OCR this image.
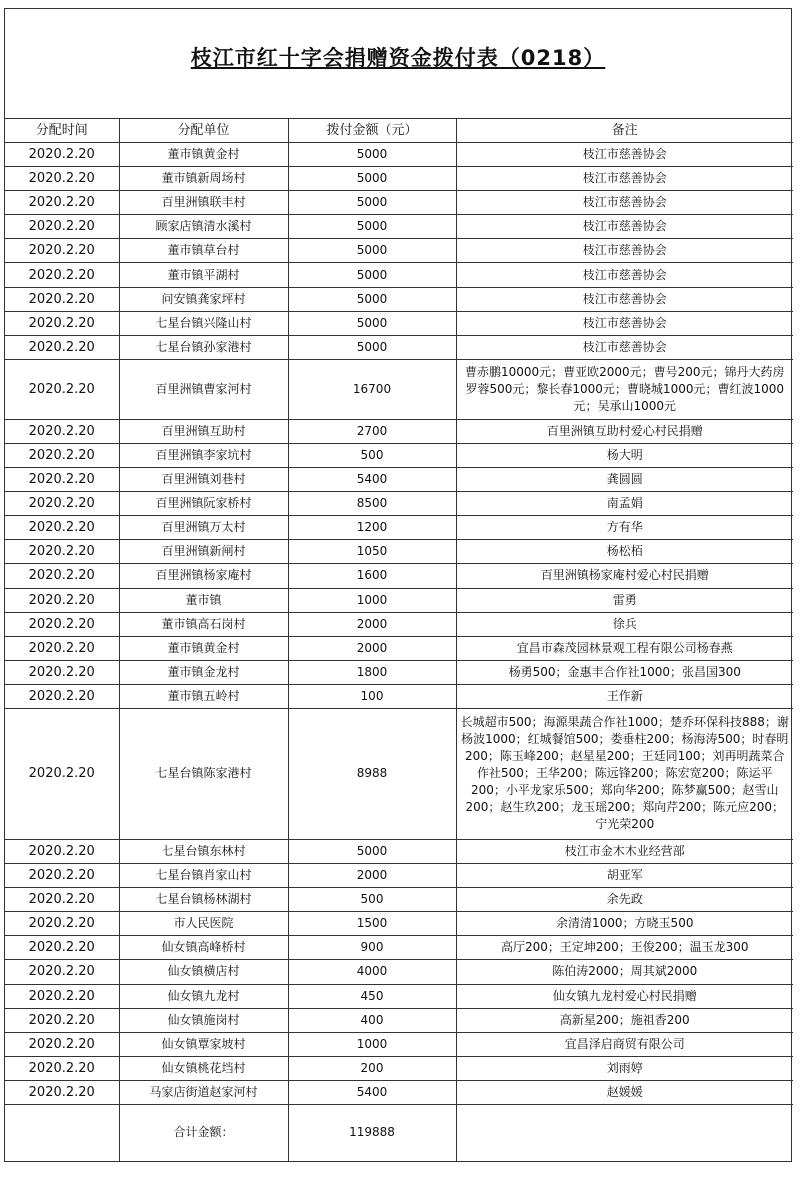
枝江市红十字会捐赠资金拨付表（0218）
分配时间	分配单位	拨付金额（元）	备注
2020.2.20	董市镇黄金村	5000	枝江市慈善协会
2020.2.20	董市镇新周场村	5000	枝江市慈善协会
2020.2.20	百里洲镇联丰村	5000	枝江市慈善协会
2020.2.20	顾家店镇清水溪村	5000	枝江市慈善协会
2020.2.20	董市镇草台村	5000	枝江市慈善协会
2020.2.20	董市镇平湖村	5000	枝江市慈善协会
2020.2.20	问安镇龚家坪村	5000	枝江市慈善协会
2020.2.20	七星台镇兴隆山村	5000	枝江市慈善协会
2020.2.20	七星台镇孙家港村	5000	枝江市慈善协会
2020.2.20	百里洲镇曹家河村	16700	曹赤鹏10000元；曹亚欧2000元；曹号200元；锦丹大药房罗蓉500元；黎长春1000元；曹晓城1000元；曹红波1000元；吴承山1000元
2020.2.20	百里洲镇互助村	2700	百里洲镇互助村爱心村民捐赠
2020.2.20	百里洲镇李家坑村	500	杨大明
2020.2.20	百里洲镇刘巷村	5400	龚圆圆
2020.2.20	百里洲镇阮家桥村	8500	南孟娟
2020.2.20	百里洲镇万太村	1200	方有华
2020.2.20	百里洲镇新闸村	1050	杨松栢
2020.2.20	百里洲镇杨家庵村	1600	百里洲镇杨家庵村爱心村民捐赠
2020.2.20	董市镇	1000	雷勇
2020.2.20	董市镇高石岗村	2000	徐兵
2020.2.20	董市镇黄金村	2000	宜昌市森茂园林景观工程有限公司杨春燕
2020.2.20	董市镇金龙村	1800	杨勇500；金惠丰合作社1000；张昌国300
2020.2.20	董市镇五岭村	100	王作新
2020.2.20	七星台镇陈家港村	8988	长城超市500；海源果蔬合作社1000；楚乔环保科技888；谢杨波1000；红城餐馆500；娄垂柱200；杨海涛500；时春明200；陈玉峰200；赵星星200；王廷同100；刘再明蔬菜合作社500；王华200；陈远锋200；陈宏宽200；陈运平200；小平龙家乐500；郑向华200；陈梦赢500；赵雪山200；赵生玖200；龙玉瑶200；郑向芹200；陈元应200；宁光荣200
2020.2.20	七星台镇东林村	5000	枝江市金木木业经营部
2020.2.20	七星台镇肖家山村	2000	胡亚军
2020.2.20	七星台镇杨林湖村	500	余先政
2020.2.20	市人民医院	1500	余清清1000；方晓玉500
2020.2.20	仙女镇高峰桥村	900	高厅200；王定坤200；王俊200；温玉龙300
2020.2.20	仙女镇横店村	4000	陈伯涛2000；周其斌2000
2020.2.20	仙女镇九龙村	450	仙女镇九龙村爱心村民捐赠
2020.2.20	仙女镇施岗村	400	高新星200；施祖香200
2020.2.20	仙女镇覃家坡村	1000	宜昌泽启商贸有限公司
2020.2.20	仙女镇桃花垱村	200	刘雨婷
2020.2.20	马家店街道赵家河村	5400	赵媛媛
	合计金额：	119888	
